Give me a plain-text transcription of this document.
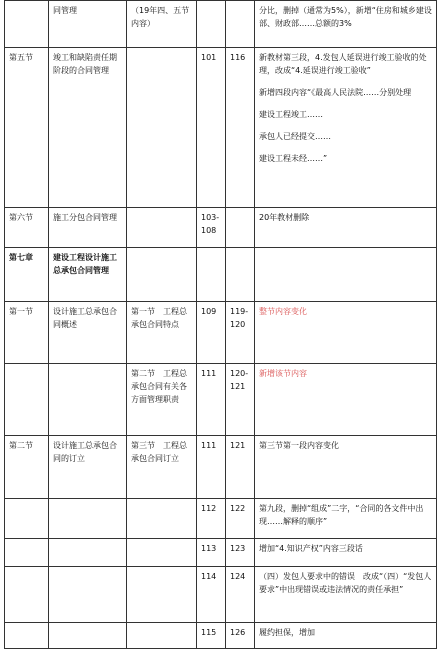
	同管理	（19年四、五节内容）			分比，删掉（通常为5%），新增“住房和城乡建设部、财政部……总额的3%

第五节	竣工和缺陷责任期阶段的合同管理		101	116	新教材第三段，4.发包人延误进行竣工验收的处理，改成“4.延误进行竣工验收”
新增四段内容“《最高人民法院……分别处理
建设工程竣工……
承包人已经提交……
建设工程未经……”

第六节	施工分包合同管理		103-108		20年教材删除

第七章	建设工程设计施工总承包合同管理				
第一节	设计施工总承包合同概述	第一节　工程总承包合同特点	109	119-120	整节内容变化

		第二节　工程总承包合同有关各方面管理职责	111	120-121	新增该节内容

第二节	设计施工总承包合同的订立	第三节　工程总承包合同订立	111	121	第三节第一段内容变化

			112	122	第九段，删掉“组成”二字，“合同的各文件中出现……解释的顺序”

			113	123	增加“4.知识产权”内容三段话

			114	124	（四）发包人要求中的错误　改成“（四）“发包人要求”中出现错误或违法情况的责任承担”

			115	126	履约担保，增加
